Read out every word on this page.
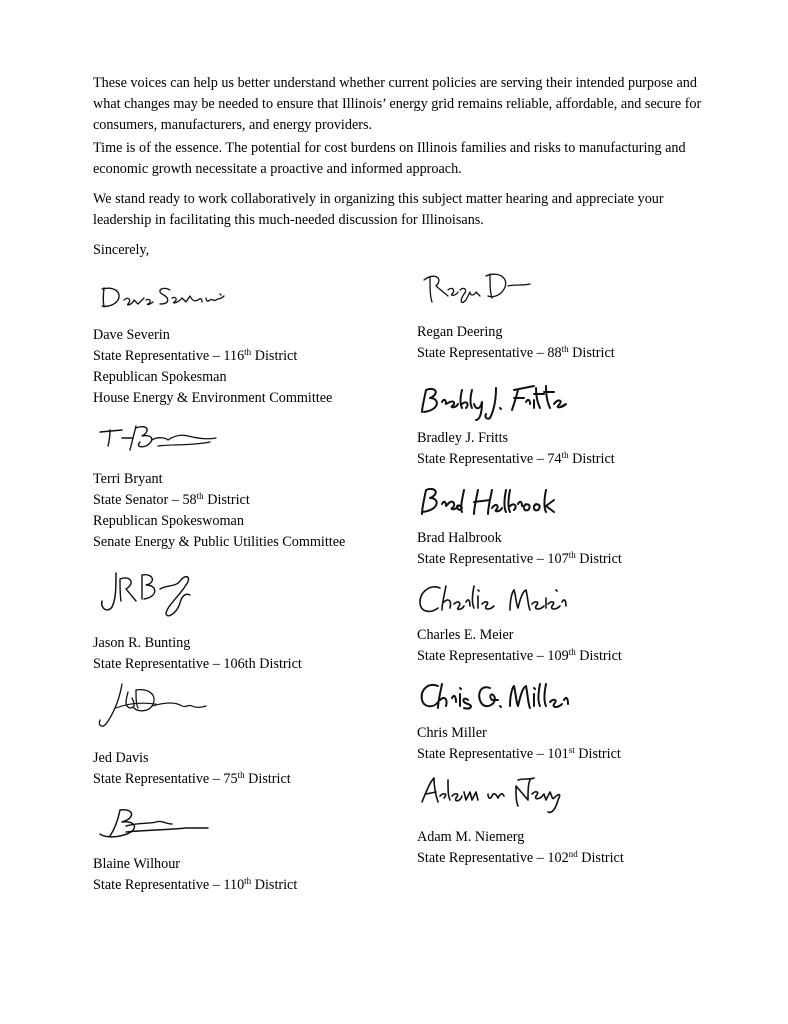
These voices can help us better understand whether current policies are serving their intended purpose and what changes may be needed to ensure that Illinois’ energy grid remains reliable, affordable, and secure for consumers, manufacturers, and energy providers.

Time is of the essence. The potential for cost burdens on Illinois families and risks to manufacturing and economic growth necessitate a proactive and informed approach.

We stand ready to work collaboratively in organizing this subject matter hearing and appreciate your leadership in facilitating this much-needed discussion for Illinoisans.

Sincerely,

Dave Severin
State Representative – 116th District
Republican Spokesman
House Energy & Environment Committee
Terri Bryant
State Senator – 58th District
Republican Spokeswoman
Senate Energy & Public Utilities Committee
Jason R. Bunting
State Representative – 106th District
Jed Davis
State Representative – 75th District
Blaine Wilhour
State Representative – 110th District
Regan Deering
State Representative – 88th District
Bradley J. Fritts
State Representative – 74th District
Brad Halbrook
State Representative – 107th District
Charles E. Meier
State Representative – 109th District
Chris Miller
State Representative – 101st District
Adam M. Niemerg
State Representative – 102nd District
